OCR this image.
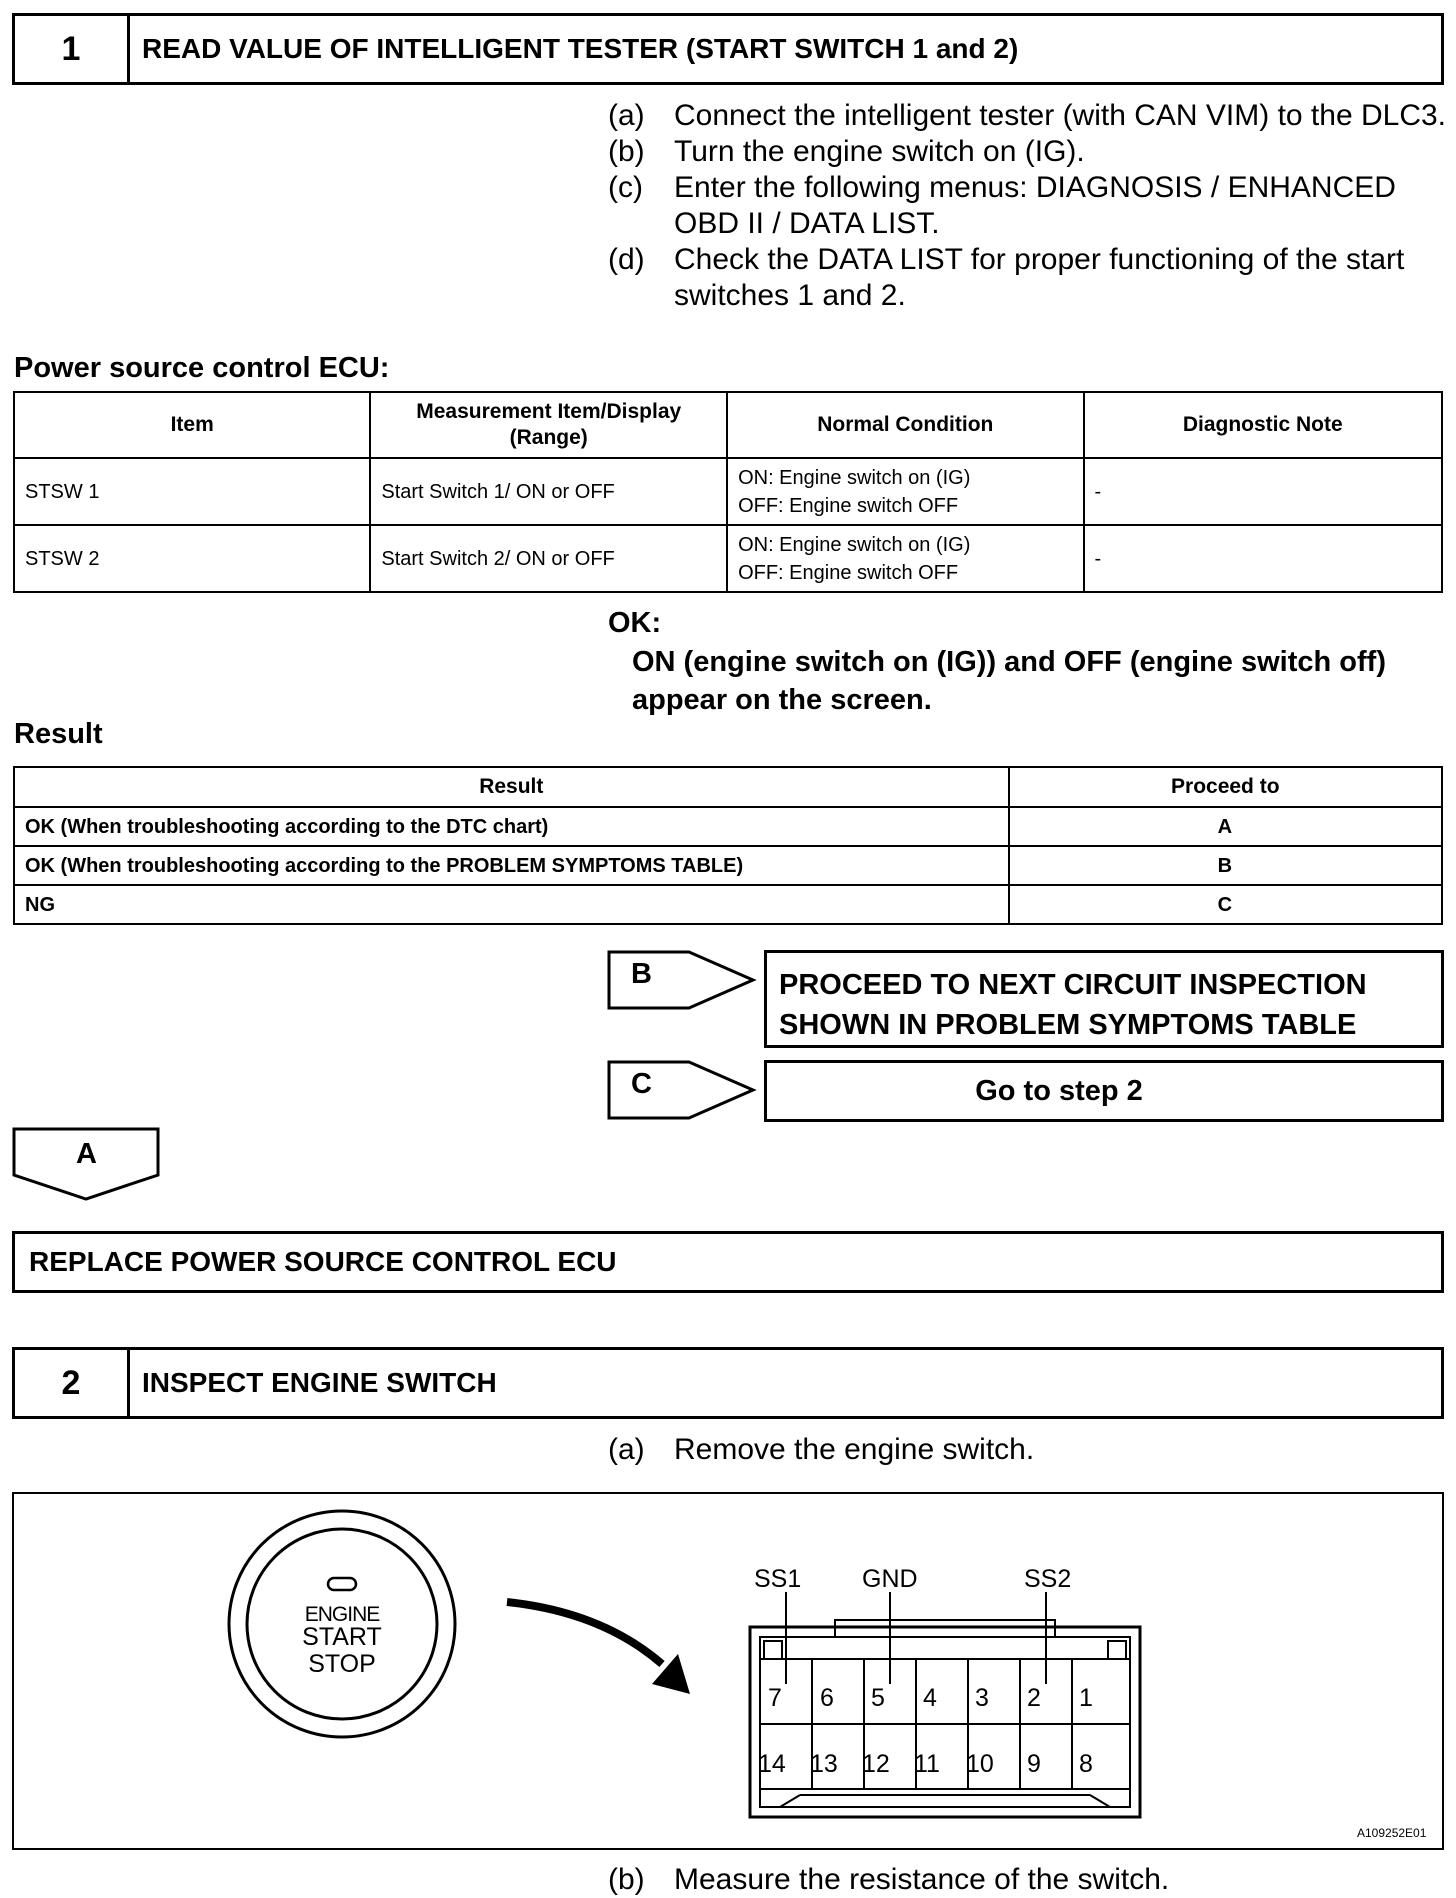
1	READ VALUE OF INTELLIGENT TESTER (START SWITCH 1 and 2)
(a) Connect the intelligent tester (with CAN VIM) to the DLC3.
(b) Turn the engine switch on (IG).
(c)	Enter the following menus: DIAGNOSIS / ENHANCED OBD II / DATA LIST.
(d) Check the DATA LIST for proper functioning of the start switches 1 and 2.
Power source control ECU:
Item	Measurement Item/Display (Range)	Normal Condition	Diagnostic Note
STSW 1	Start Switch 1/ ON or OFF	ON: Engine switch on (IG)
OFF: Engine switch OFF	-
STSW 2	Start Switch 2/ ON or OFF	ON: Engine switch on (IG)
OFF: Engine switch OFF	-
OK:
ON (engine switch on (IG)) and OFF (engine switch off) appear on the screen.
Result
Result	Proceed to
OK (When troubleshooting according to the DTC chart)	A
OK (When troubleshooting according to the PROBLEM SYMPTOMS TABLE)	B
NG	C
B	PROCEED TO NEXT CIRCUIT INSPECTION
SHOWN IN PROBLEM SYMPTOMS TABLE
C	Go to step 2
A
REPLACE POWER SOURCE CONTROL ECU
2	INSPECT ENGINE SWITCH
(a) Remove the engine switch.
ENGINE
START
STOP
SS1 GND	SS2
7 6 5 4 3 2 1
14 13 12 11 10 9 8
A109252E01
(b) Measure the resistance of the switch.
